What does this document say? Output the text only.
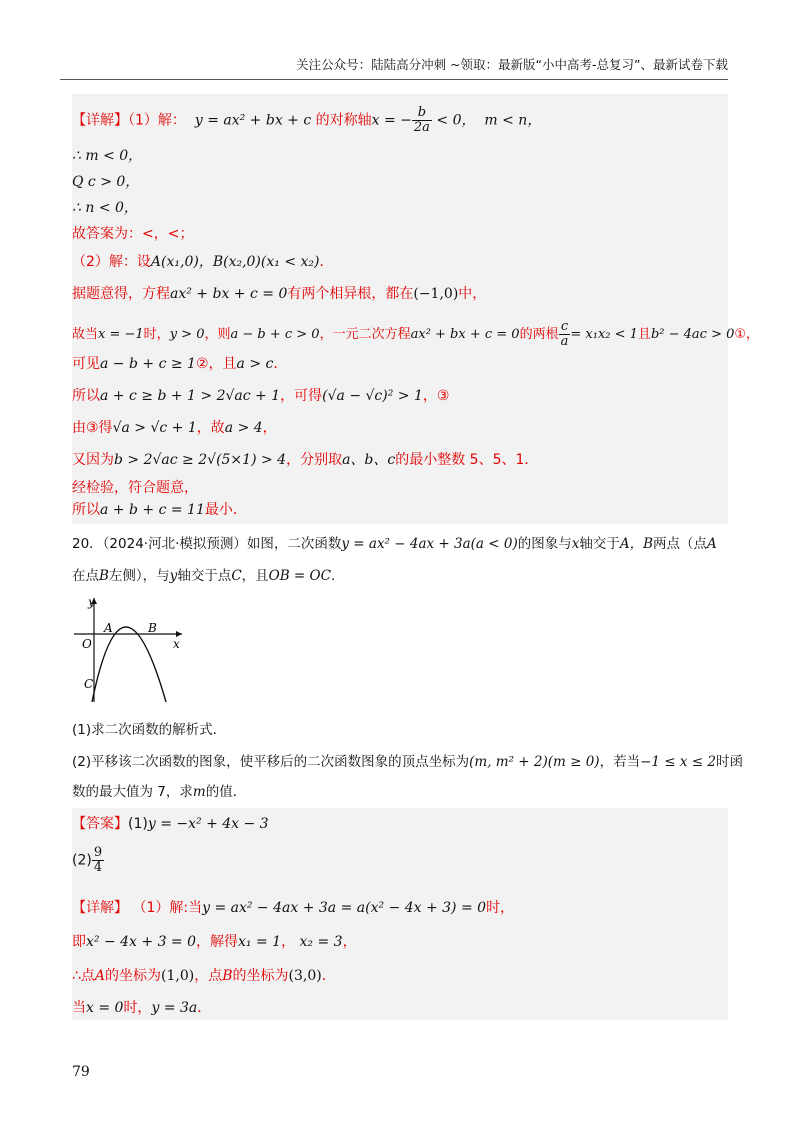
关注公众号：陆陆高分冲刺 ~领取：最新版“小中高考-总复习”、最新试卷下载
【详解】（1）解： y = ax² + bx + c 的对称轴x = − $\frac{b}{2a} < 0$， m < n，
∴ m < 0，
Q c > 0，
∴ n < 0，
故答案为：<，<；
（2）解：设A(x₁,0)，B(x₂,0)(x₁ < x₂)．
据题意得，方程ax² + bx + c = 0有两个相异根，都在(−1,0)中，
故当x = −1时，y > 0，则a − b + c > 0，一元二次方程ax² + bx + c = 0的两根 $\frac{c}{a} = x_1x_2 < 1$且b² − 4ac > 0①，
可见a − b + c ≥ 1②，且a > c．
所以a + c ≥ b + 1 > 2√ac + 1，可得(√a − √c)² > 1，③
由③得√a > √c + 1，故a > 4，
又因为b > 2√ac ≥ 2√(5×1) > 4，分别取a、b、c的最小整数 5、5、1．
经检验，符合题意，
所以a + b + c = 11最小．
20．（2024·河北·模拟预测）如图，二次函数y = ax² − 4ax + 3a(a < 0)的图象与x轴交于A，B两点（点A
在点B左侧），与y轴交于点C，且OB = OC．
y
x
O
A	B
C
(1)求二次函数的解析式．
(2)平移该二次函数的图象，使平移后的二次函数图象的顶点坐标为(m, m² + 2)(m ≥ 0)，若当−1 ≤ x ≤ 2时函
数的最大值为 7，求m的值．
【答案】(1)y = −x² + 4x − 3
$(2) \frac{9}{4}$
【详解】 （1）解:当y = ax² − 4ax + 3a = a(x² − 4x + 3) = 0时，
即x² − 4x + 3 = 0，解得x₁ = 1， x₂ = 3，
∴点A的坐标为(1,0)，点B的坐标为(3,0)．
当x = 0时，y = 3a．
79
